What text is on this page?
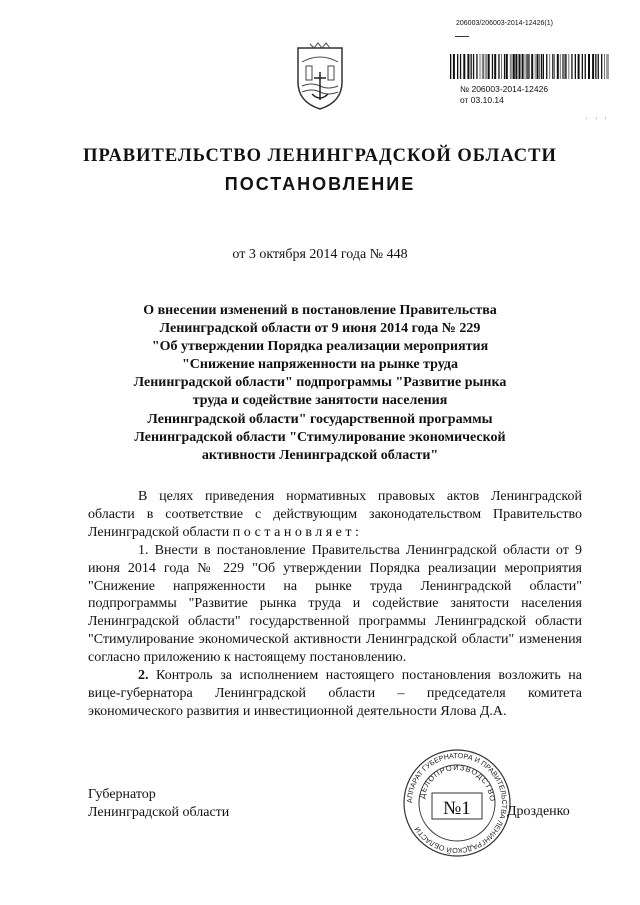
206003/206003-2014-12426(1)
№ 206003-2014-12426
от 03.10.14
' ' '
ПРАВИТЕЛЬСТВО ЛЕНИНГРАДСКОЙ ОБЛАСТИ
ПОСТАНОВЛЕНИЕ
от 3 октября 2014 года № 448
О внесении изменений в постановление Правительства
Ленинградской области от 9 июня 2014 года № 229
"Об утверждении Порядка реализации мероприятия
"Снижение напряженности на рынке труда
Ленинградской области" подпрограммы "Развитие рынка
труда и содействие занятости населения
Ленинградской области" государственной программы
Ленинградской области "Стимулирование экономической
активности Ленинградской области"

В целях приведения нормативных правовых актов Ленинградской области в соответствие с действующим законодательством Правительство Ленинградской области постановляет:

1. Внести в постановление Правительства Ленинградской области от 9 июня 2014 года № 229 "Об утверждении Порядка реализации мероприятия "Снижение напряженности на рынке труда Ленинградской области" подпрограммы "Развитие рынка труда и содействие занятости населения Ленинградской области" государственной программы Ленинградской области "Стимулирование экономической активности Ленинградской области" изменения согласно приложению к настоящему постановлению.

2. Контроль за исполнением настоящего постановления возложить на вице-губернатора Ленинградской области – председателя комитета экономического развития и инвестиционной деятельности Ялова Д.А.

Губернатор
Ленинградской области
АППАРАТ ГУБЕРНАТОРА И ПРАВИТЕЛЬСТВА ЛЕНИНГРАДСКОЙ ОБЛАСТИ
ДЕЛОПРОИЗВОДСТВО
№1	Дрозденко
